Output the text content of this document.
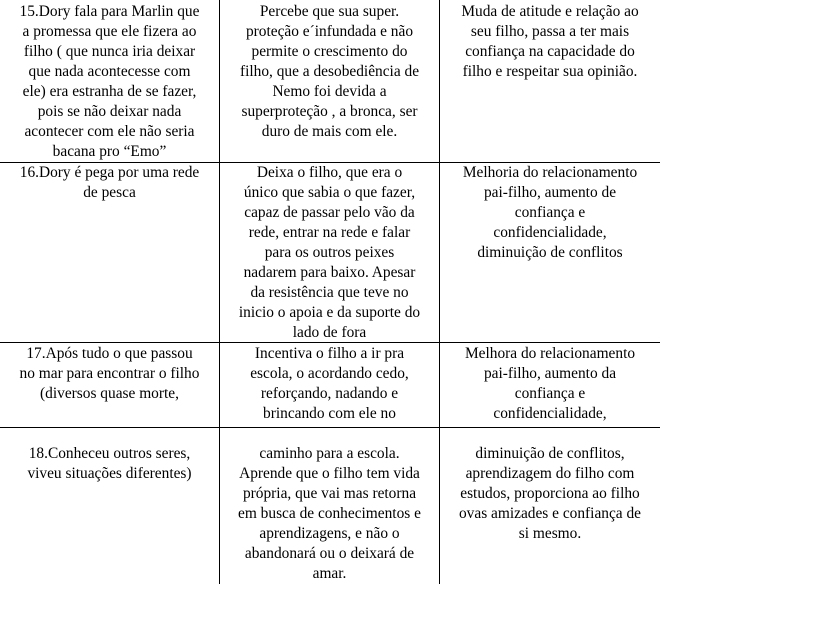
15.Dory fala para Marlin que
a promessa que ele fizera ao
filho ( que nunca iria deixar
que nada acontecesse com
ele) era estranha de se fazer,
pois se não deixar nada
acontecer com ele não seria
bacana pro “Emo”
Percebe que sua super.
proteção e´infundada e não
permite o crescimento do
filho, que a desobediência de
Nemo foi devida a
superproteção , a bronca, ser
duro de mais com ele.
Muda de atitude e relação ao
seu filho, passa a ter mais
confiança na capacidade do
filho e respeitar sua opinião.
16.Dory é pega por uma rede
de pesca
Deixa o filho, que era o
único que sabia o que fazer,
capaz de passar pelo vão da
rede, entrar na rede e falar
para os outros peixes
nadarem para baixo. Apesar
da resistência que teve no
inicio o apoia e da suporte do
lado de fora
Melhoria do relacionamento
pai-filho, aumento de
confiança e
confidencialidade,
diminuição de conflitos
17.Após tudo o que passou
no mar para encontrar o filho
(diversos quase morte,
Incentiva o filho a ir pra
escola, o acordando cedo,
reforçando, nadando e
brincando com ele no
Melhora do relacionamento
pai-filho, aumento da
confiança e
confidencialidade,
18.Conheceu outros seres,
viveu situações diferentes)
caminho para a escola.
Aprende que o filho tem vida
própria, que vai mas retorna
em busca de conhecimentos e
aprendizagens, e não o
abandonará ou o deixará de
amar.
diminuição de conflitos,
aprendizagem do filho com
estudos, proporciona ao filho
ovas amizades e confiança de
si mesmo.
